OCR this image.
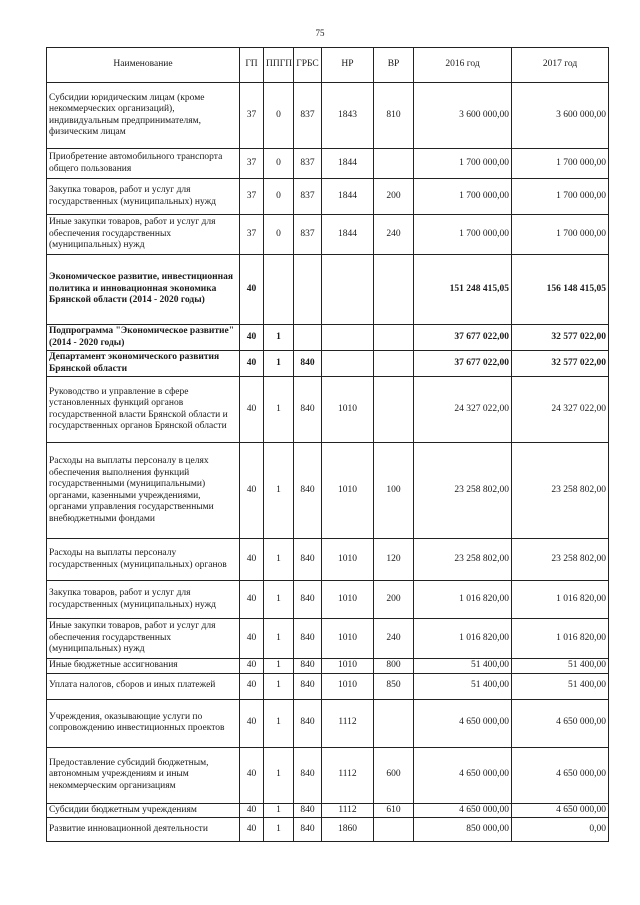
75
Наименование	ГП	ППГП	ГРБС	НР	ВР	2016 год	2017 год
Субсидии юридическим лицам (кроме некоммерческих организаций), индивидуальным предпринимателям, физическим лицам	37	0	837	1843	810	3 600 000,00	3 600 000,00
Приобретение автомобильного транспорта общего пользования	37	0	837	1844		1 700 000,00	1 700 000,00
Закупка товаров, работ и услуг для государственных (муниципальных) нужд	37	0	837	1844	200	1 700 000,00	1 700 000,00
Иные закупки товаров, работ и услуг для обеспечения государственных (муниципальных) нужд	37	0	837	1844	240	1 700 000,00	1 700 000,00
Экономическое развитие, инвестиционная политика и инновационная экономика Брянской области (2014 - 2020 годы)	40					151 248 415,05	156 148 415,05
Подпрограмма "Экономическое развитие" (2014 - 2020 годы)	40	1				37 677 022,00	32 577 022,00
Департамент экономического развития Брянской области	40	1	840			37 677 022,00	32 577 022,00
Руководство и управление в сфере установленных функций органов государственной власти Брянской области и государственных органов Брянской области	40	1	840	1010		24 327 022,00	24 327 022,00
Расходы на выплаты персоналу в целях обеспечения выполнения функций государственными (муниципальными) органами, казенными учреждениями, органами управления государственными внебюджетными фондами	40	1	840	1010	100	23 258 802,00	23 258 802,00
Расходы на выплаты персоналу государственных (муниципальных) органов	40	1	840	1010	120	23 258 802,00	23 258 802,00
Закупка товаров, работ и услуг для государственных (муниципальных) нужд	40	1	840	1010	200	1 016 820,00	1 016 820,00
Иные закупки товаров, работ и услуг для обеспечения государственных (муниципальных) нужд	40	1	840	1010	240	1 016 820,00	1 016 820,00
Иные бюджетные ассигнования	40	1	840	1010	800	51 400,00	51 400,00
Уплата налогов, сборов и иных платежей	40	1	840	1010	850	51 400,00	51 400,00
Учреждения, оказывающие услуги по сопровождению инвестиционных проектов	40	1	840	1112		4 650 000,00	4 650 000,00
Предоставление субсидий бюджетным, автономным учреждениям и иным некоммерческим организациям	40	1	840	1112	600	4 650 000,00	4 650 000,00
Субсидии бюджетным учреждениям	40	1	840	1112	610	4 650 000,00	4 650 000,00
Развитие инновационной деятельности	40	1	840	1860		850 000,00	0,00
